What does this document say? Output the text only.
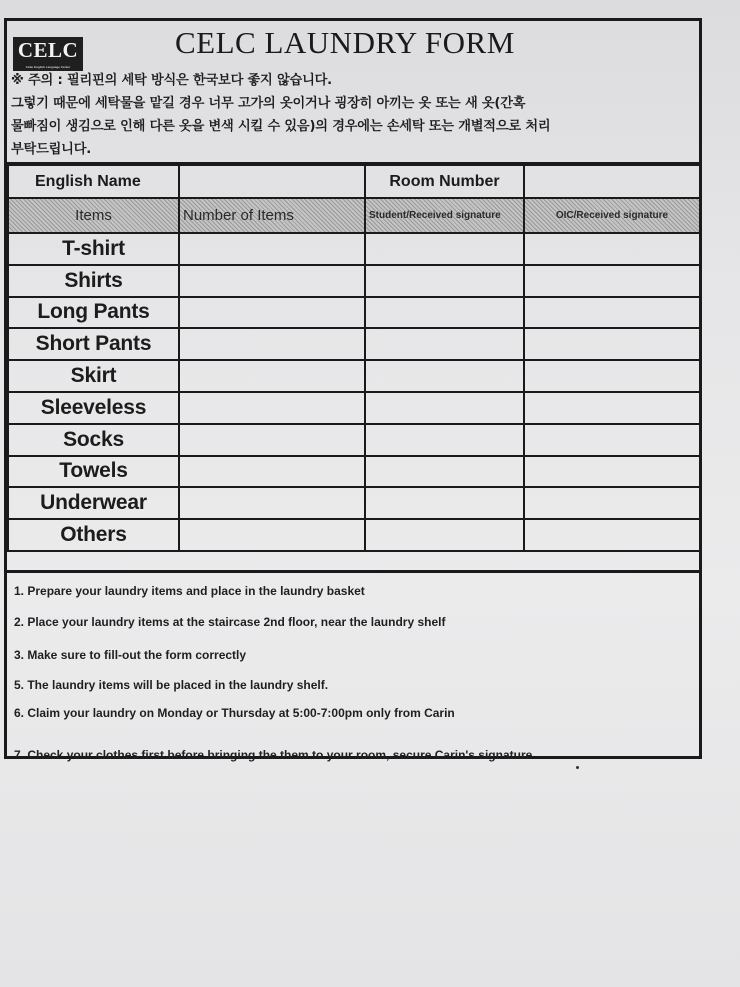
CELC
Cebu English Language Center
CELC LAUNDRY FORM
※ 주의 : 필리핀의 세탁 방식은 한국보다 좋지 않습니다.
그렇기 때문에 세탁물을 맡길 경우 너무 고가의 옷이거나 굉장히 아끼는 옷 또는 새 옷(간혹
물빠짐이 생김으로 인해 다른 옷을 변색 시킬 수 있음)의 경우에는 손세탁 또는 개별적으로 처리
부탁드립니다.
English Name		Room Number	
Items	Number of Items	Student/Received signature	OIC/Received signature
T-shirt			
Shirts			
Long Pants			
Short Pants			
Skirt			
Sleeveless			
Socks			
Towels			
Underwear			
Others			
1. Prepare your laundry items and place in the laundry basket
2. Place your laundry items at the staircase 2nd floor, near the laundry shelf
3. Make sure to fill-out the form correctly
5. The laundry items will be placed in the laundry shelf.
6. Claim your laundry on Monday or Thursday at 5:00-7:00pm only from Carin
7. Check your clothes first before bringing the them to your room, secure Carin's signature
